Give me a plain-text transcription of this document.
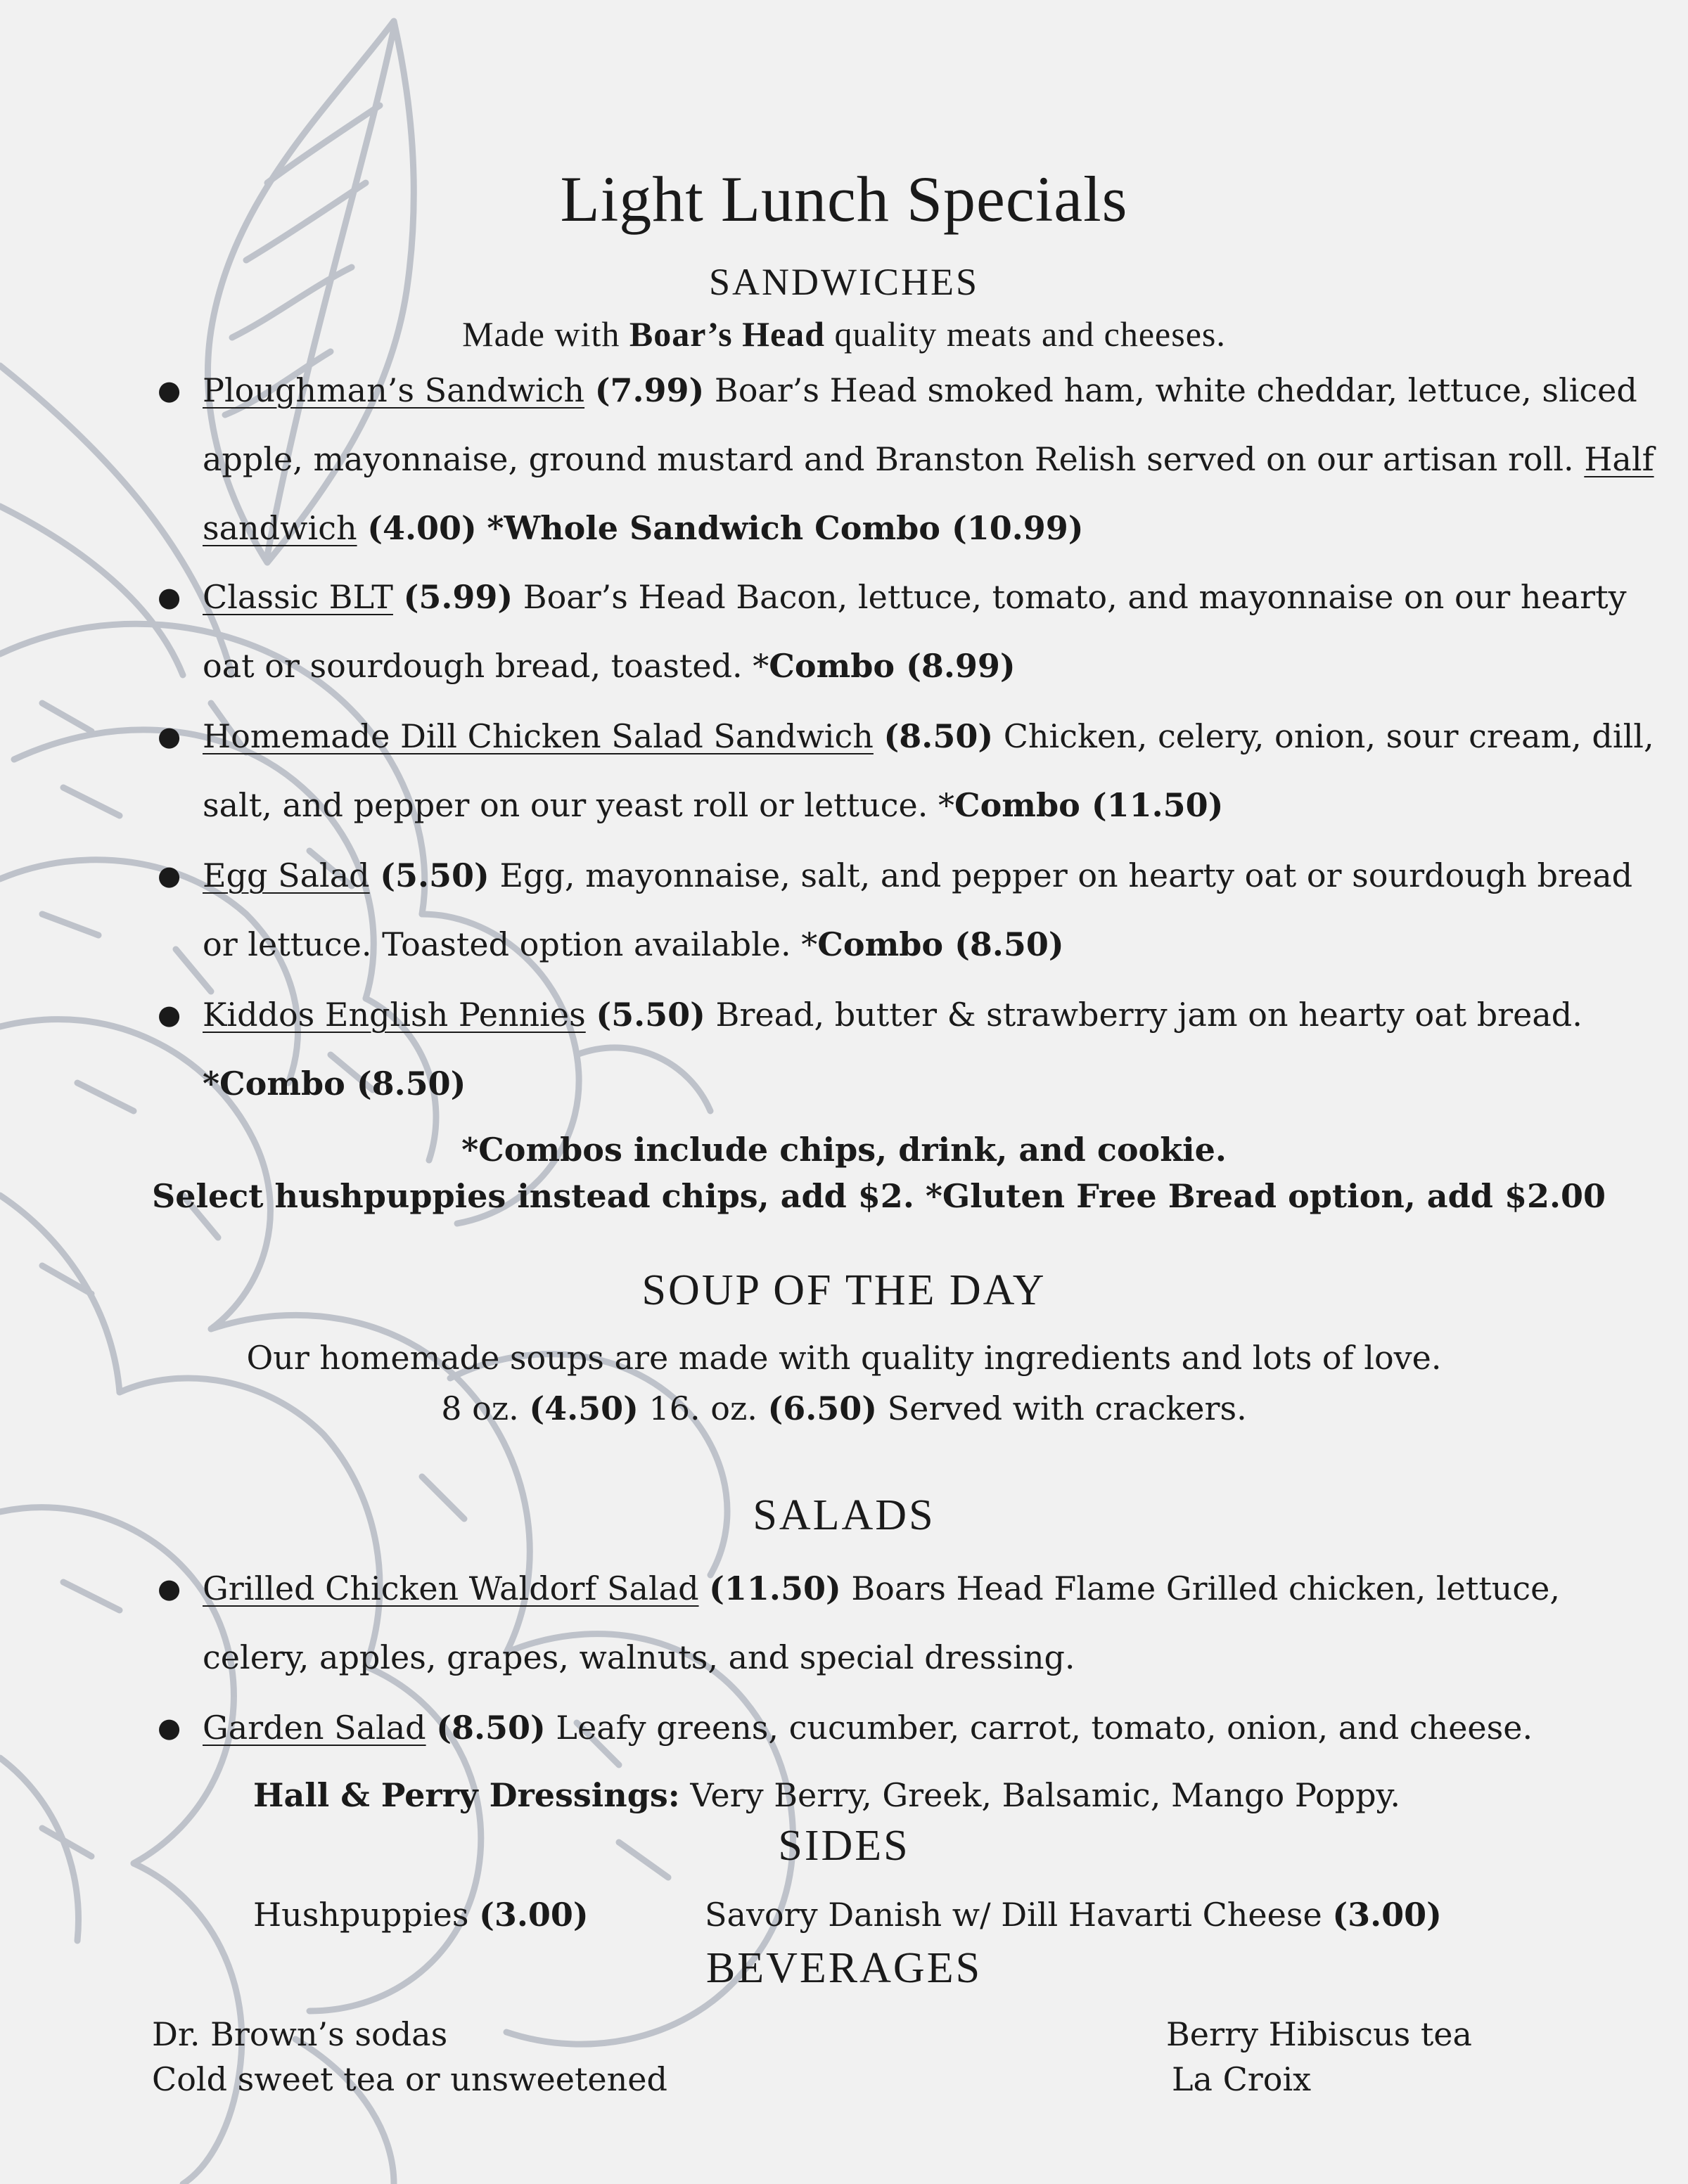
Light Lunch Specials
SANDWICHES
Made with Boar’s Head quality meats and cheeses.
● Ploughman’s Sandwich (7.99) Boar’s Head smoked ham, white cheddar, lettuce, sliced apple, mayonnaise, ground mustard and Branston Relish served on our artisan roll. Half sandwich (4.00) *Whole Sandwich Combo (10.99)
● Classic BLT (5.99) Boar’s Head Bacon, lettuce, tomato, and mayonnaise on our hearty oat or sourdough bread, toasted. *Combo (8.99)
● Homemade Dill Chicken Salad Sandwich (8.50) Chicken, celery, onion, sour cream, dill, salt, and pepper on our yeast roll or lettuce. *Combo (11.50)
● Egg Salad (5.50) Egg, mayonnaise, salt, and pepper on hearty oat or sourdough bread or lettuce. Toasted option available. *Combo (8.50)
● Kiddos English Pennies (5.50) Bread, butter & strawberry jam on hearty oat bread. *Combo (8.50)
*Combos include chips, drink, and cookie.
Select hushpuppies instead chips, add $2. *Gluten Free Bread option, add $2.00
SOUP OF THE DAY
Our homemade soups are made with quality ingredients and lots of love.
8 oz. (4.50) 16. oz. (6.50) Served with crackers.
SALADS
● Grilled Chicken Waldorf Salad (11.50) Boars Head Flame Grilled chicken, lettuce, celery, apples, grapes, walnuts, and special dressing.
● Garden Salad (8.50) Leafy greens, cucumber, carrot, tomato, onion, and cheese.
Hall & Perry Dressings: Very Berry, Greek, Balsamic, Mango Poppy.
SIDES
Hushpuppies (3.00)	Savory Danish w/ Dill Havarti Cheese (3.00)
BEVERAGES
Dr. Brown’s sodas
Cold sweet tea or unsweetened
Berry Hibiscus tea
La Croix
